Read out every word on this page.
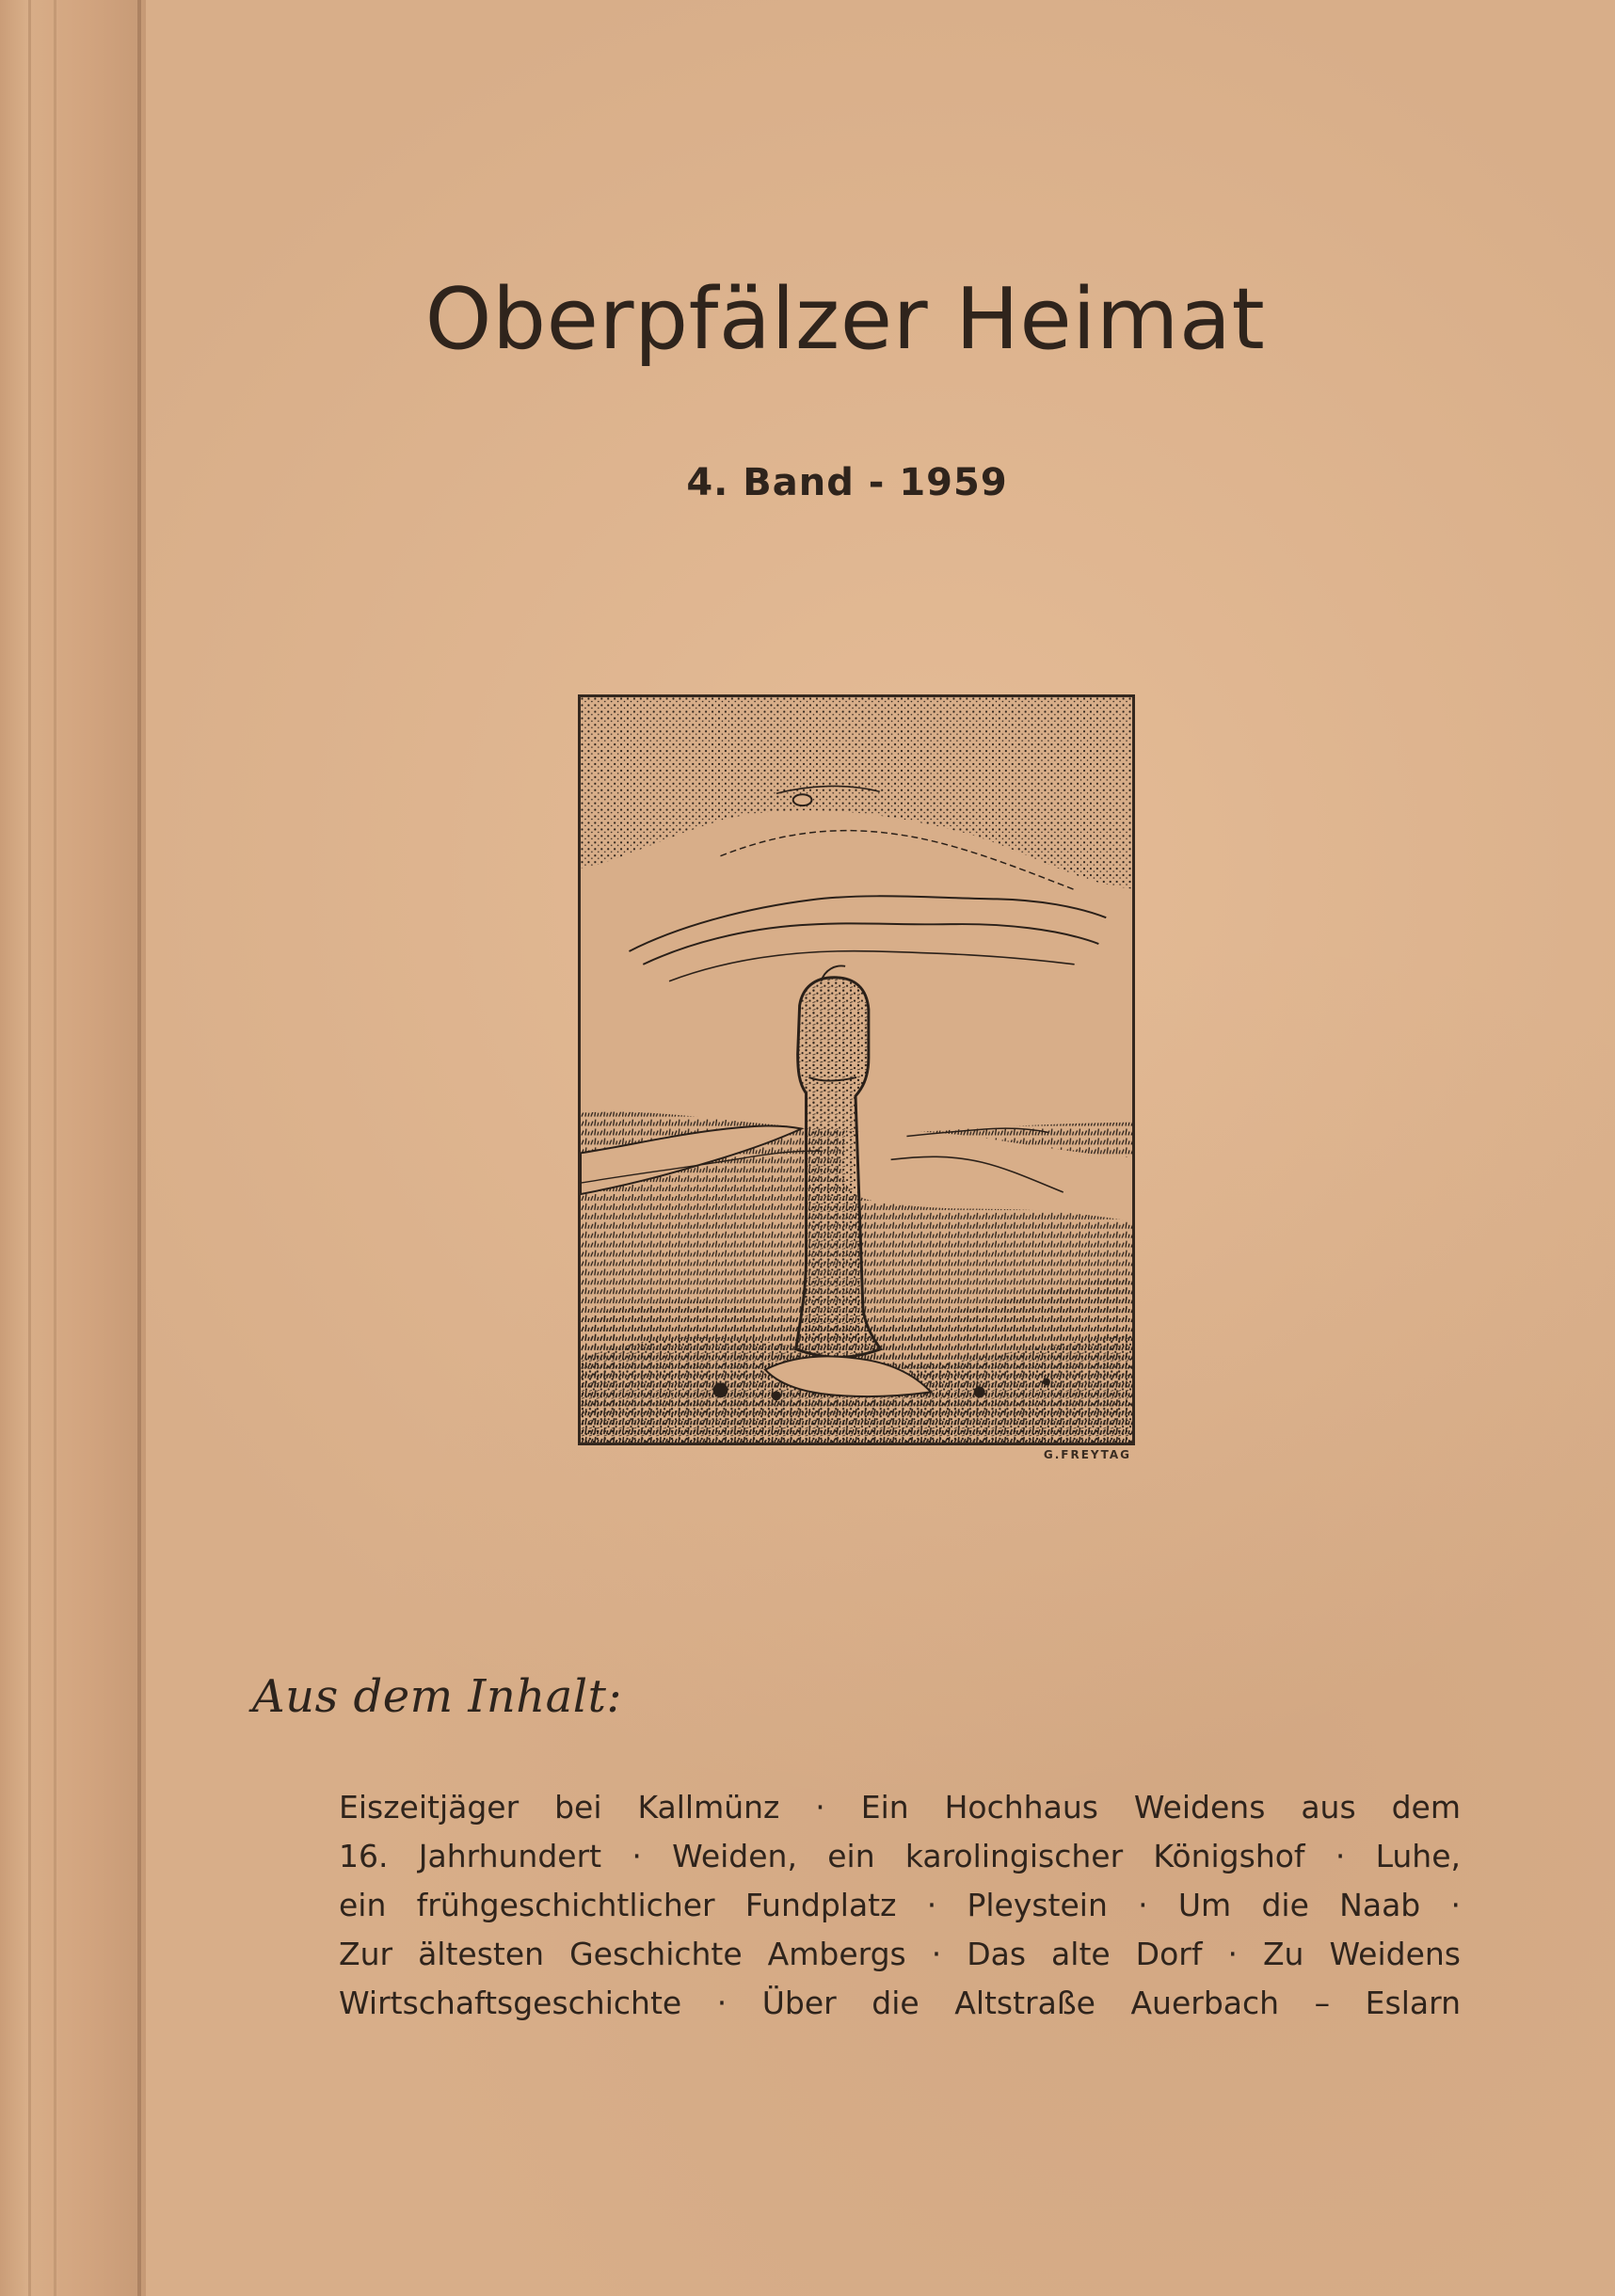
Oberpfälzer Heimat
4. Band - 1959
G.FREYTAG
Aus dem Inhalt:
Eiszeitjäger bei Kallmünz · Ein Hochhaus Weidens aus dem
16. Jahrhundert · Weiden, ein karolingischer Königshof · Luhe,
ein frühgeschichtlicher Fundplatz · Pleystein · Um die Naab ·
Zur ältesten Geschichte Ambergs · Das alte Dorf · Zu Weidens
Wirtschaftsgeschichte · Über die Altstraße Auerbach – Eslarn
